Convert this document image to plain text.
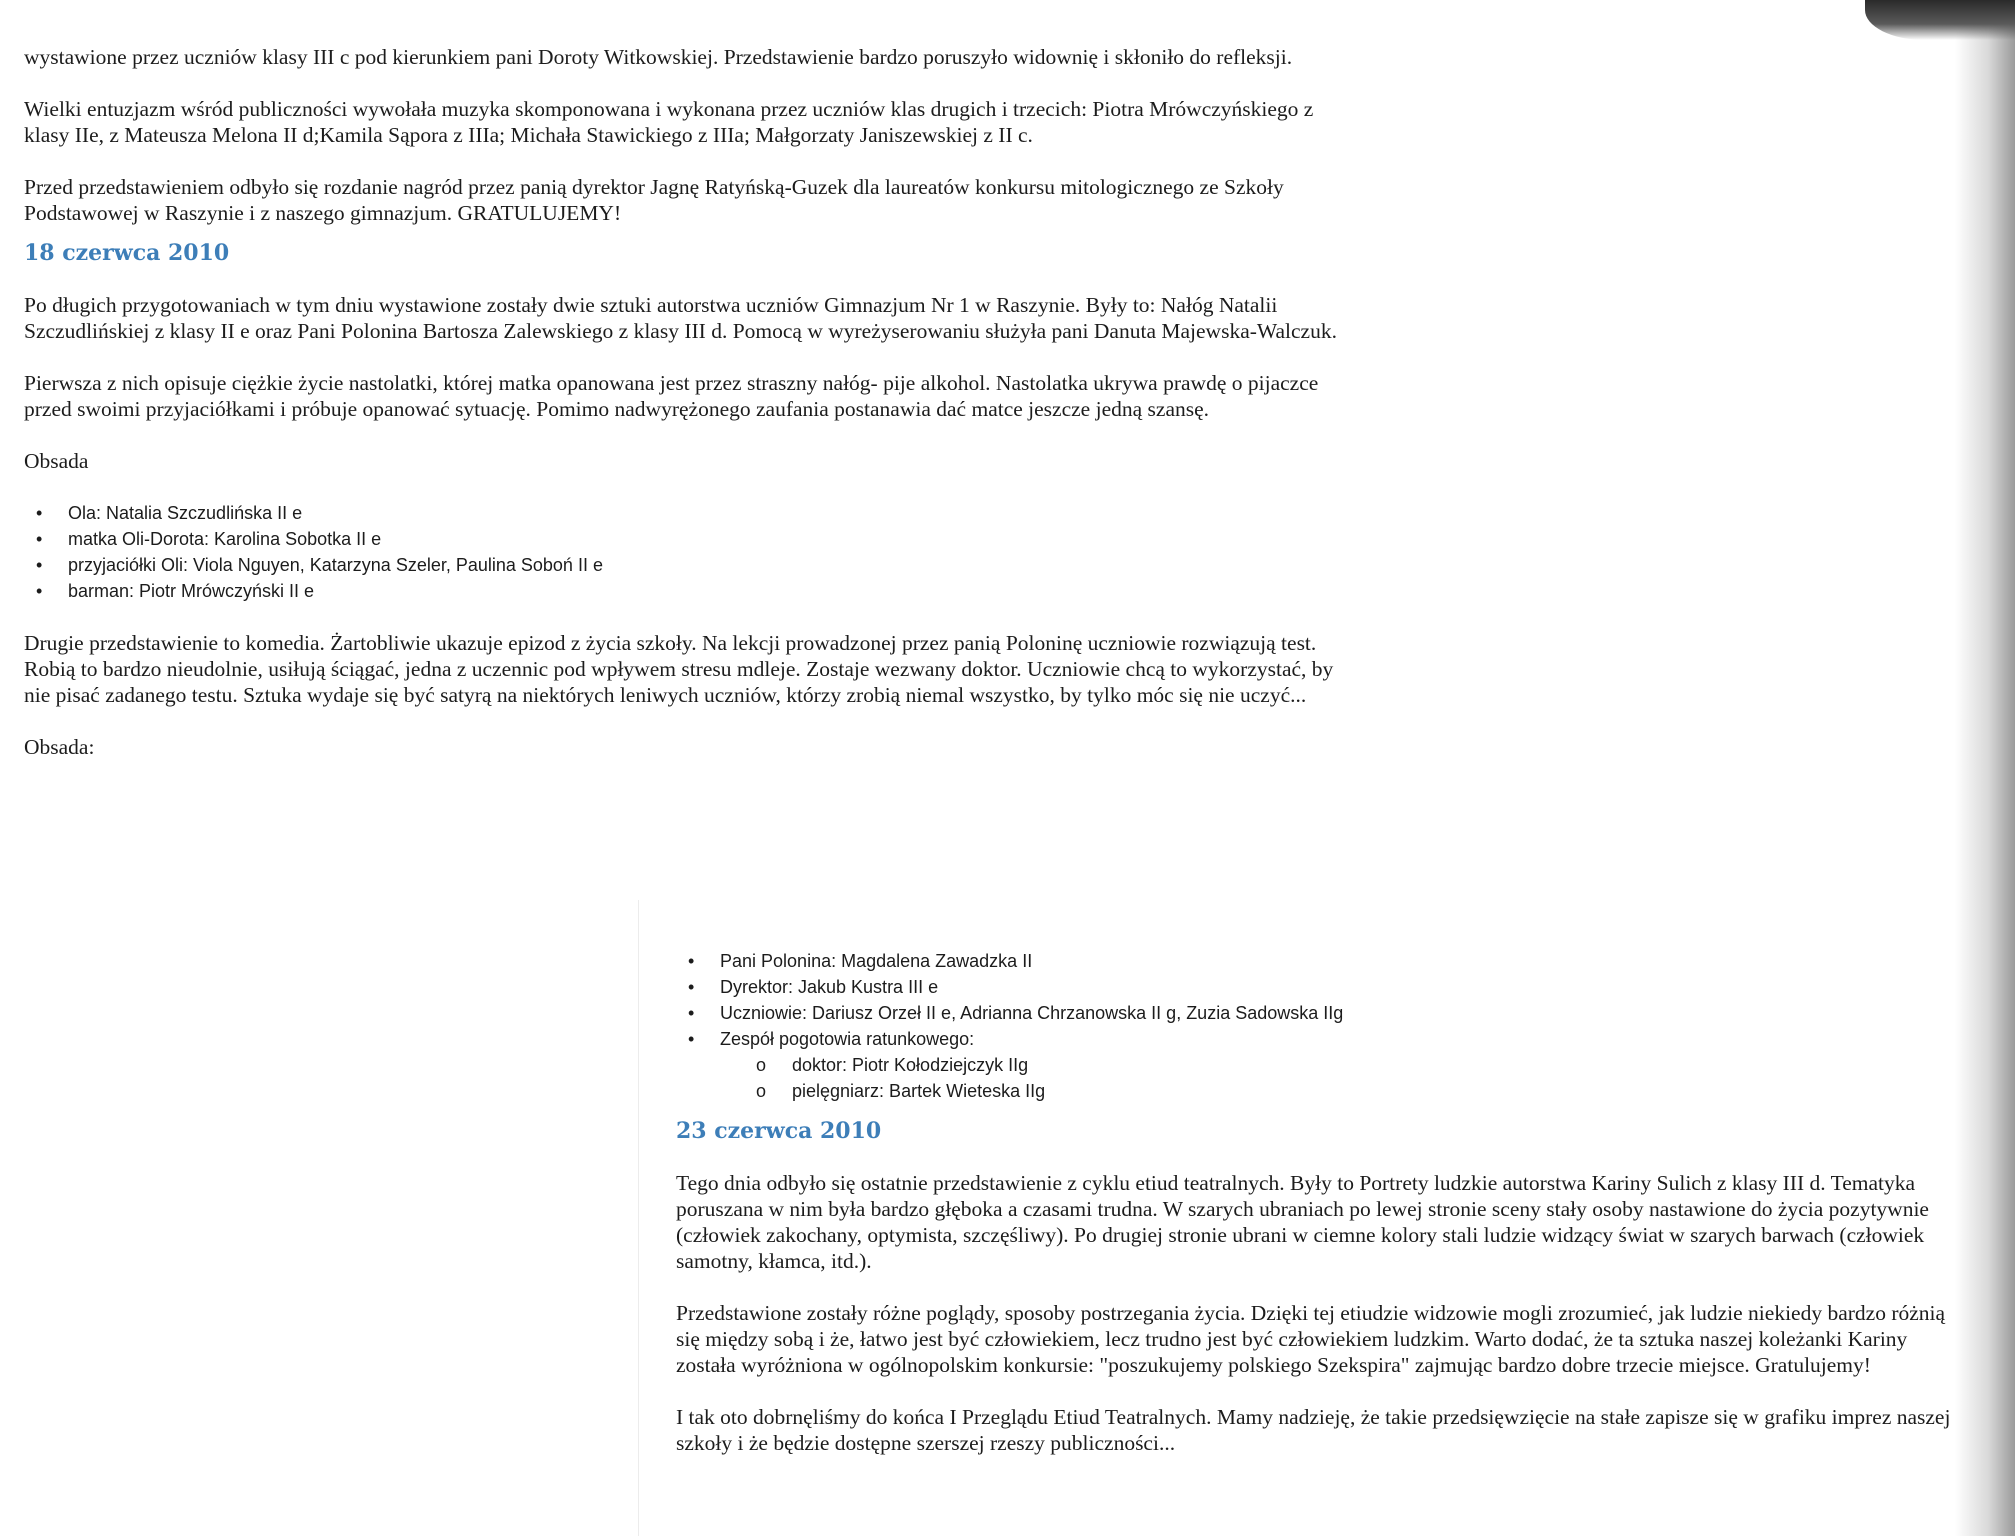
wystawione przez uczniów klasy III c pod kierunkiem pani Doroty Witkowskiej. Przedstawienie bardzo poruszyło widownię i skłoniło do refleksji.

Wielki entuzjazm wśród publiczności wywołała muzyka skomponowana i wykonana przez uczniów klas drugich i trzecich: Piotra Mrówczyńskiego z klasy IIe, z Mateusza Melona II d;Kamila Sąpora z IIIa; Michała Stawickiego z IIIa; Małgorzaty Janiszewskiej z II c.

Przed przedstawieniem odbyło się rozdanie nagród przez panią dyrektor Jagnę Ratyńską-Guzek dla laureatów konkursu mitologicznego ze Szkoły Podstawowej w Raszynie i z naszego gimnazjum. GRATULUJEMY!

18 czerwca 2010

Po długich przygotowaniach w tym dniu wystawione zostały dwie sztuki autorstwa uczniów Gimnazjum Nr 1 w Raszynie. Były to: Nałóg Natalii Szczudlińskiej z klasy II e oraz Pani Polonina Bartosza Zalewskiego z klasy III d. Pomocą w wyreżyserowaniu służyła pani Danuta Majewska-Walczuk.

Pierwsza z nich opisuje ciężkie życie nastolatki, której matka opanowana jest przez straszny nałóg- pije alkohol. Nastolatka ukrywa prawdę o pijaczce przed swoimi przyjaciółkami i próbuje opanować sytuację. Pomimo nadwyrężonego zaufania postanawia dać matce jeszcze jedną szansę.

Obsada

• Ola: Natalia Szczudlińska II e
• matka Oli-Dorota: Karolina Sobotka II e
• przyjaciółki Oli: Viola Nguyen, Katarzyna Szeler, Paulina Soboń II e
• barman: Piotr Mrówczyński II e

Drugie przedstawienie to komedia. Żartobliwie ukazuje epizod z życia szkoły. Na lekcji prowadzonej przez panią Poloninę uczniowie rozwiązują test. Robią to bardzo nieudolnie, usiłują ściągać, jedna z uczennic pod wpływem stresu mdleje. Zostaje wezwany doktor. Uczniowie chcą to wykorzystać, by nie pisać zadanego testu. Sztuka wydaje się być satyrą na niektórych leniwych uczniów, którzy zrobią niemal wszystko, by tylko móc się nie uczyć...

Obsada:

• Pani Polonina: Magdalena Zawadzka II
• Dyrektor: Jakub Kustra III e
• Uczniowie: Dariusz Orzeł II e, Adrianna Chrzanowska II g, Zuzia Sadowska IIg
• Zespół pogotowia ratunkowego:
o doktor: Piotr Kołodziejczyk IIg
o pielęgniarz: Bartek Wieteska IIg
23 czerwca 2010

Tego dnia odbyło się ostatnie przedstawienie z cyklu etiud teatralnych. Były to Portrety ludzkie autorstwa Kariny Sulich z klasy III d. Tematyka poruszana w nim była bardzo głęboka a czasami trudna. W szarych ubraniach po lewej stronie sceny stały osoby nastawione do życia pozytywnie (człowiek zakochany, optymista, szczęśliwy). Po drugiej stronie ubrani w ciemne kolory stali ludzie widzący świat w szarych barwach (człowiek samotny, kłamca, itd.).

Przedstawione zostały różne poglądy, sposoby postrzegania życia. Dzięki tej etiudzie widzowie mogli zrozumieć, jak ludzie niekiedy bardzo różnią się między sobą i że, łatwo jest być człowiekiem, lecz trudno jest być człowiekiem ludzkim. Warto dodać, że ta sztuka naszej koleżanki Kariny została wyróżniona w ogólnopolskim konkursie: "poszukujemy polskiego Szekspira" zajmując bardzo dobre trzecie miejsce. Gratulujemy!

I tak oto dobrnęliśmy do końca I Przeglądu Etiud Teatralnych. Mamy nadzieję, że takie przedsięwzięcie na stałe zapisze się w grafiku imprez naszej szkoły i że będzie dostępne szerszej rzeszy publiczności...
